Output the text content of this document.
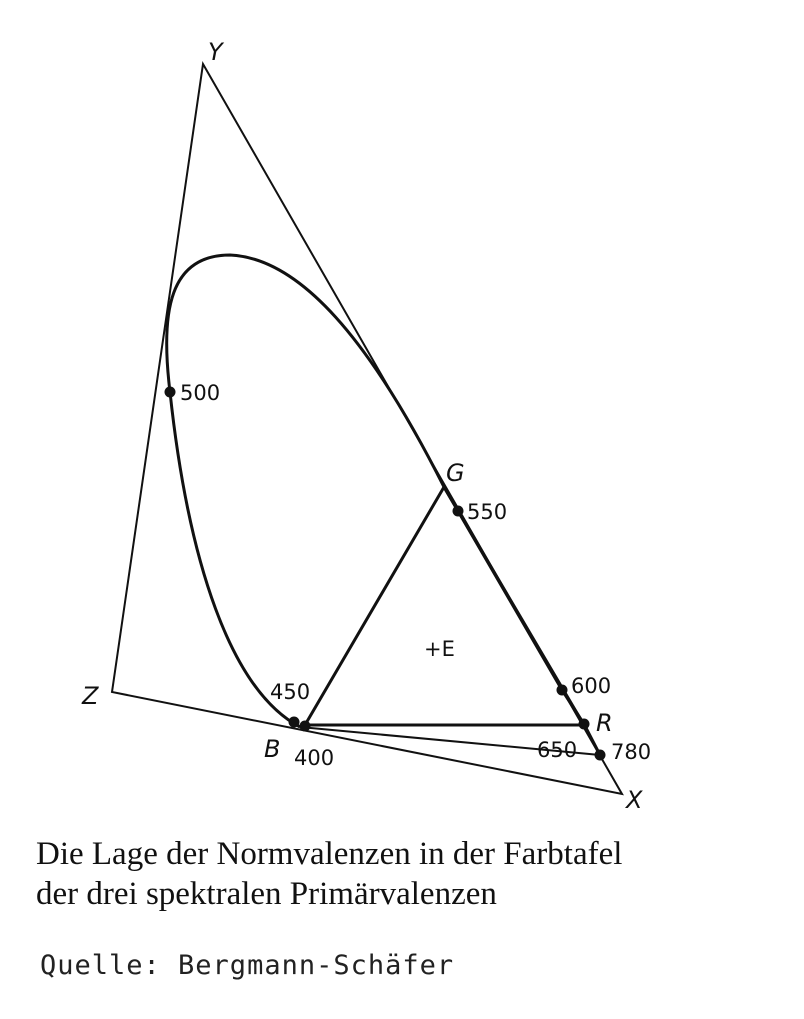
Y
Z
X
G
B
R
+E
500
550
600
450
400	650 780
Die Lage der Normvalenzen in der Farbtafel
der drei spektralen Primärvalenzen
Quelle: Bergmann-Schäfer
